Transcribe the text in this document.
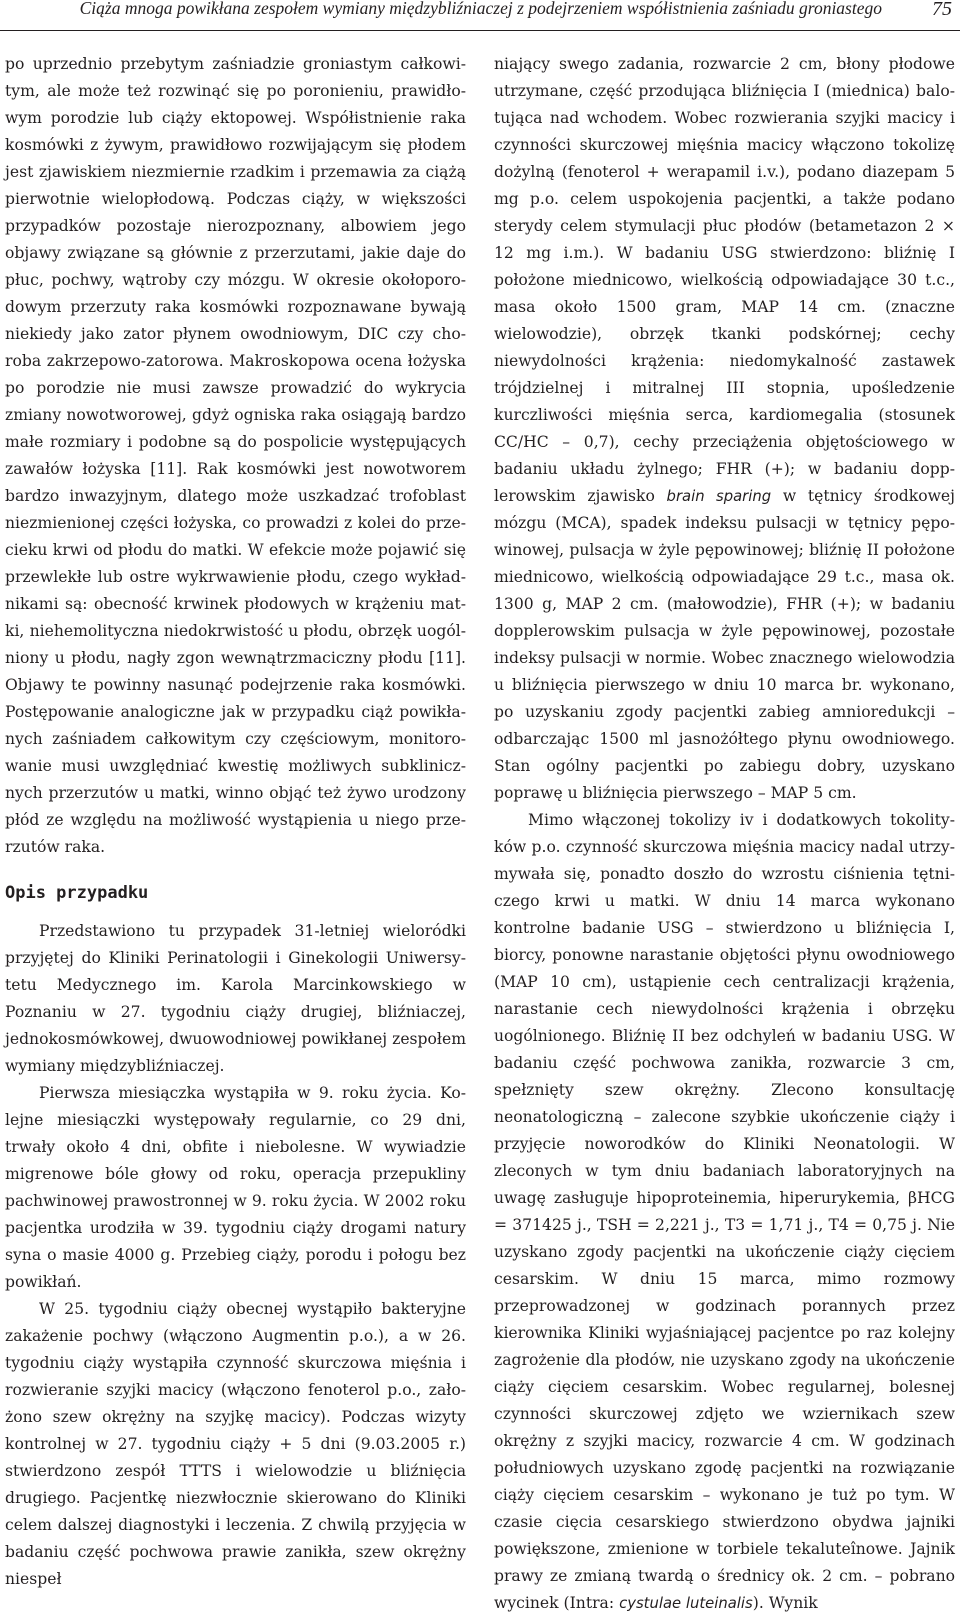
Ciąża mnoga powikłana zespołem wymiany międzybliźniaczej z podejrzeniem współistnienia zaśniadu groniastego	75

po uprzednio przebytym zaśniadzie groniastym całkowitym, ale może też rozwinąć się po poronieniu, prawidłowym porodzie lub ciąży ektopowej. Współistnienie raka kosmówki z żywym, prawidłowo rozwijającym się płodem jest zjawiskiem niezmiernie rzadkim i przemawia za ciążą pierwotnie wielopłodową. Podczas ciąży, w większości przypadków pozostaje nierozpoznany, albowiem jego objawy związane są głównie z przerzutami, jakie daje do płuc, pochwy, wątroby czy mózgu. W okresie okołoporodowym przerzuty raka kosmówki rozpoznawane bywają niekiedy jako zator płynem owodniowym, DIC czy choroba zakrzepowo-zatorowa. Makroskopowa ocena łożyska po porodzie nie musi zawsze prowadzić do wykrycia zmiany nowotworowej, gdyż ogniska raka osiągają bardzo małe rozmiary i podobne są do pospolicie występujących zawałów łożyska [11]. Rak kosmówki jest nowotworem bardzo inwazyjnym, dlatego może uszkadzać trofoblast niezmienionej części łożyska, co prowadzi z kolei do przecieku krwi od płodu do matki. W efekcie może pojawić się przewlekłe lub ostre wykrwawienie płodu, czego wykładnikami są: obecność krwinek płodowych w krążeniu matki, niehemolityczna niedokrwistość u płodu, obrzęk uogólniony u płodu, nagły zgon wewnątrzmaciczny płodu [11]. Objawy te powinny nasunąć podejrzenie raka kosmówki. Postępowanie analogiczne jak w przypadku ciąż powikłanych zaśniadem całkowitym czy częściowym, monitorowanie musi uwzględniać kwestię możliwych subklinicznych przerzutów u matki, winno objąć też żywo urodzony płód ze względu na możliwość wystąpienia u niego przerzutów raka.

Opis przypadku

Przedstawiono tu przypadek 31-letniej wieloródki przyjętej do Kliniki Perinatologii i Ginekologii Uniwersytetu Medycznego im. Karola Marcinkowskiego w Poznaniu w 27. tygodniu ciąży drugiej, bliźniaczej, jednokosmówkowej, dwuowodniowej powikłanej zespołem wymiany międzybliźniaczej.

Pierwsza miesiączka wystąpiła w 9. roku życia. Kolejne miesiączki występowały regularnie, co 29 dni, trwały około 4 dni, obfite i niebolesne. W wywiadzie migrenowe bóle głowy od roku, operacja przepukliny pachwinowej prawostronnej w 9. roku życia. W 2002 roku pacjentka urodziła w 39. tygodniu ciąży drogami natury syna o masie 4000 g. Przebieg ciąży, porodu i połogu bez powikłań.

W 25. tygodniu ciąży obecnej wystąpiło bakteryjne zakażenie pochwy (włączono Augmentin p.o.), a w 26. tygodniu ciąży wystąpiła czynność skurczowa mięśnia i rozwieranie szyjki macicy (włączono fenoterol p.o., założono szew okrężny na szyjkę macicy). Podczas wizyty kontrolnej w 27. tygodniu ciąży + 5 dni (9.03.2005 r.) stwierdzono zespół TTTS i wielowodzie u bliźnięcia drugiego. Pacjentkę niezwłocznie skierowano do Kliniki celem dalszej diagnostyki i leczenia. Z chwilą przyjęcia w badaniu część pochwowa prawie zanikła, szew okrężny niespeł

niający swego zadania, rozwarcie 2 cm, błony płodowe utrzymane, część przodująca bliźnięcia I (miednica) balotująca nad wchodem. Wobec rozwierania szyjki macicy i czynności skurczowej mięśnia macicy włączono tokolizę dożylną (fenoterol + werapamil i.v.), podano diazepam 5 mg p.o. celem uspokojenia pacjentki, a także podano sterydy celem stymulacji płuc płodów (betametazon 2 × 12 mg i.m.). W badaniu USG stwierdzono: bliźnię I położone miednicowo, wielkością odpowiadające 30 t.c., masa około 1500 gram, MAP 14 cm. (znaczne wielowodzie), obrzęk tkanki podskórnej; cechy niewydolności krążenia: niedomykalność zastawek trójdzielnej i mitralnej III stopnia, upośledzenie kurczliwości mięśnia serca, kardiomegalia (stosunek CC/HC – 0,7), cechy przeciążenia objętościowego w badaniu układu żylnego; FHR (+); w badaniu dopplerowskim zjawisko brain sparing w tętnicy środkowej mózgu (MCA), spadek indeksu pulsacji w tętnicy pępowinowej, pulsacja w żyle pępowinowej; bliźnię II położone miednicowo, wielkością odpowiadające 29 t.c., masa ok. 1300 g, MAP 2 cm. (małowodzie), FHR (+); w badaniu dopplerowskim pulsacja w żyle pępowinowej, pozostałe indeksy pulsacji w normie. Wobec znacznego wielowodzia u bliźnięcia pierwszego w dniu 10 marca br. wykonano, po uzyskaniu zgody pacjentki zabieg amnioredukcji – odbarczając 1500 ml jasnożółtego płynu owodniowego. Stan ogólny pacjentki po zabiegu dobry, uzyskano poprawę u bliźnięcia pierwszego – MAP 5 cm.

Mimo włączonej tokolizy iv i dodatkowych tokolityków p.o. czynność skurczowa mięśnia macicy nadal utrzymywała się, ponadto doszło do wzrostu ciśnienia tętniczego krwi u matki. W dniu 14 marca wykonano kontrolne badanie USG – stwierdzono u bliźnięcia I, biorcy, ponowne narastanie objętości płynu owodniowego (MAP 10 cm), ustąpienie cech centralizacji krążenia, narastanie cech niewydolności krążenia i obrzęku uogólnionego. Bliźnię II bez odchyleń w badaniu USG. W badaniu część pochwowa zanikła, rozwarcie 3 cm, spełznięty szew okrężny. Zlecono konsultację neonatologiczną – zalecone szybkie ukończenie ciąży i przyjęcie noworodków do Kliniki Neonatologii. W zleconych w tym dniu badaniach laboratoryjnych na uwagę zasługuje hipoproteinemia, hiperurykemia, βHCG = 371425 j., TSH = 2,221 j., T3 = 1,71 j., T4 = 0,75 j. Nie uzyskano zgody pacjentki na ukończenie ciąży cięciem cesarskim. W dniu 15 marca, mimo rozmowy przeprowadzonej w godzinach porannych przez kierownika Kliniki wyjaśniającej pacjentce po raz kolejny zagrożenie dla płodów, nie uzyskano zgody na ukończenie ciąży cięciem cesarskim. Wobec regularnej, bolesnej czynności skurczowej zdjęto we wziernikach szew okrężny z szyjki macicy, rozwarcie 4 cm. W godzinach południowych uzyskano zgodę pacjentki na rozwiązanie ciąży cięciem cesarskim – wykonano je tuż po tym. W czasie cięcia cesarskiego stwierdzono obydwa jajniki powiększone, zmienione w torbiele tekaluteînowe. Jajnik prawy ze zmianą twardą o średnicy ok. 2 cm. – pobrano wycinek (Intra: cystulae luteinalis). Wynik
